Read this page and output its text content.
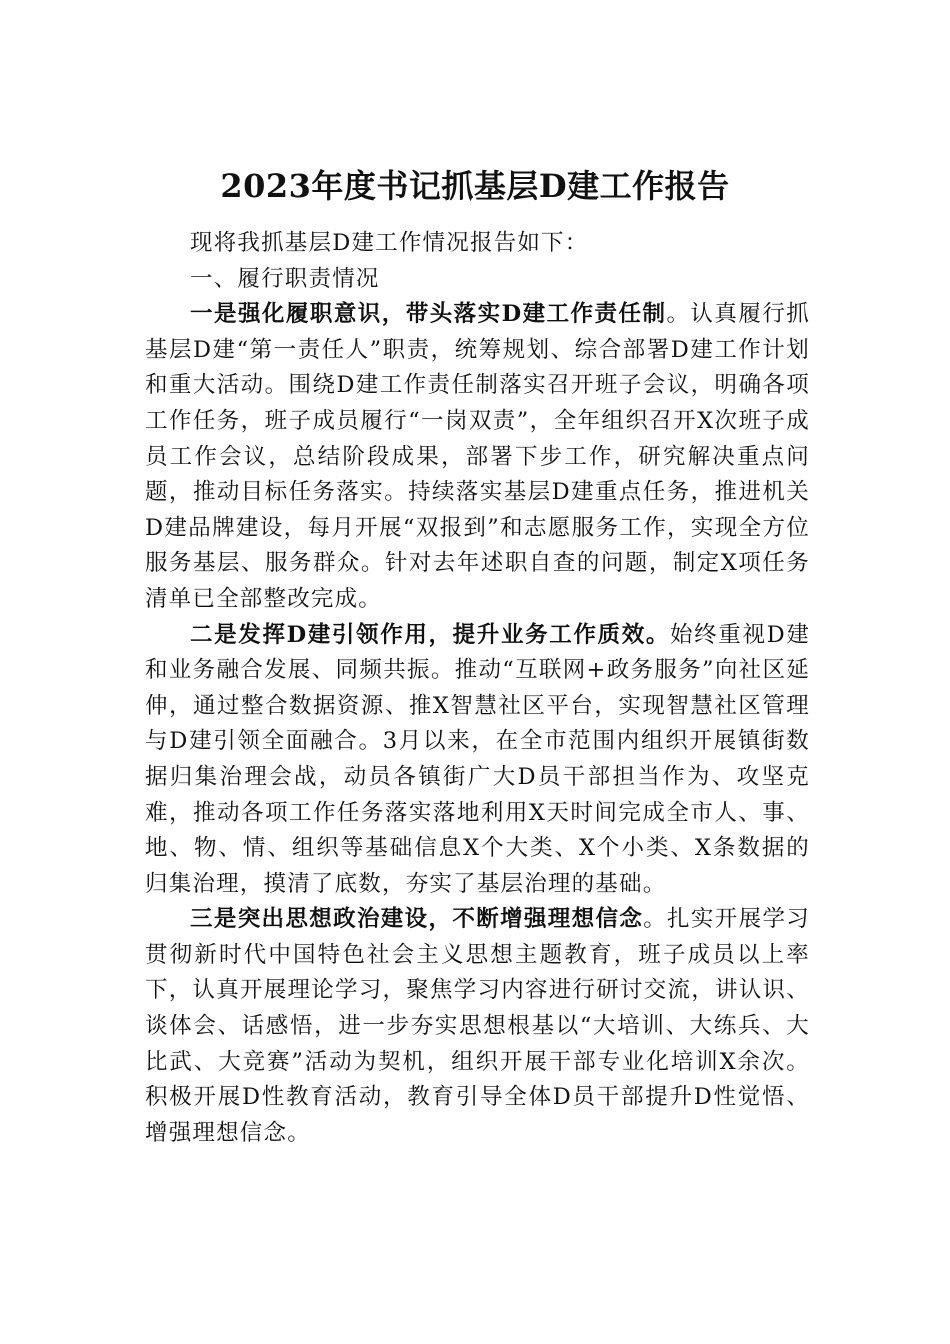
2023年度书记抓基层D建工作报告

现将我抓基层D建工作情况报告如下：

一、履行职责情况

一是强化履职意识，带头落实D建工作责任制。认真履行抓基层D建“第一责任人”职责，统筹规划、综合部署D建工作计划和重大活动。围绕D建工作责任制落实召开班子会议，明确各项工作任务，班子成员履行“一岗双责”，全年组织召开X次班子成员工作会议，总结阶段成果，部署下步工作，研究解决重点问题，推动目标任务落实。持续落实基层D建重点任务，推进机关D建品牌建设，每月开展“双报到”和志愿服务工作，实现全方位服务基层、服务群众。针对去年述职自查的问题，制定X项任务清单已全部整改完成。

二是发挥D建引领作用，提升业务工作质效。始终重视D建和业务融合发展、同频共振。推动“互联网+政务服务”向社区延伸，通过整合数据资源、推X智慧社区平台，实现智慧社区管理与D建引领全面融合。3月以来，在全市范围内组织开展镇街数据归集治理会战，动员各镇街广大D员干部担当作为、攻坚克难，推动各项工作任务落实落地利用X天时间完成全市人、事、地、物、情、组织等基础信息X个大类、X个小类、X条数据的归集治理，摸清了底数，夯实了基层治理的基础。

三是突出思想政治建设，不断增强理想信念。扎实开展学习贯彻新时代中国特色社会主义思想主题教育，班子成员以上率下，认真开展理论学习，聚焦学习内容进行研讨交流，讲认识、谈体会、话感悟，进一步夯实思想根基以“大培训、大练兵、大比武、大竞赛”活动为契机，组织开展干部专业化培训X余次。积极开展D性教育活动，教育引导全体D员干部提升D性觉悟、增强理想信念。
